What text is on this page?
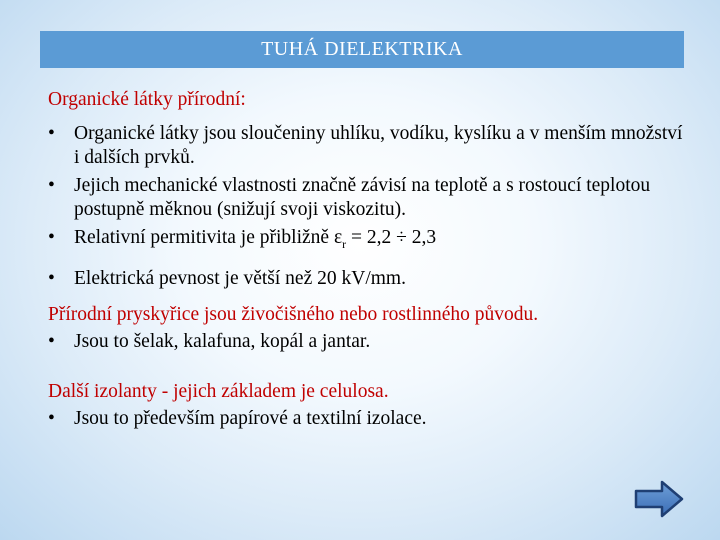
TUHÁ DIELEKTRIKA
Organické látky přírodní:
• Organické látky jsou sloučeniny uhlíku, vodíku, kyslíku a v menším množství i dalších prvků.
• Jejich mechanické vlastnosti značně závisí na teplotě a s rostoucí teplotou postupně měknou (snižují svoji viskozitu).
• Relativní permitivita je přibližně $\varepsilon_r = 2,2 \div 2,3$
• Elektrická pevnost je větší než 20 kV/mm.
Přírodní pryskyřice jsou živočišného nebo rostlinného původu.
• Jsou to šelak, kalafuna, kopál a jantar.
Další izolanty - jejich základem je celulosa.
• Jsou to především papírové a textilní izolace.
